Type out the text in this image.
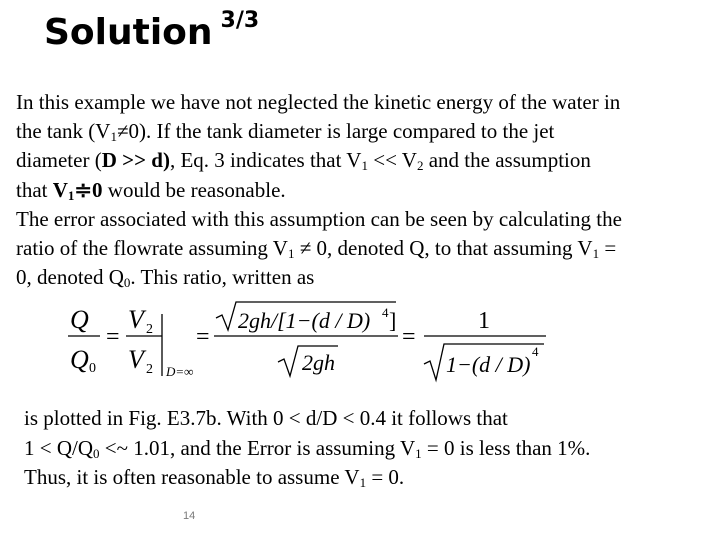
Solution $^{3/3}$
In this example we have not neglected the kinetic energy of the water in
the tank $(V_1\ne 0)$. If the tank diameter is large compared to the jet
diameter (D >> d), Eq. 3 indicates that $V_1 << V_2$ and the assumption
that $V_1≑0$ would be reasonable.
The error associated with this assumption can be seen by calculating the
ratio of the flowrate assuming $V_1 \ne 0$, denoted Q, to that assuming $V_1$ =
0, denoted $Q_0$. This ratio, written as
Q
Q 0
=
V 2
V 2 D=∞
=
2gh/[1−(d / D) 4 ]
2gh
=
1
1−(d / D)
4
is plotted in Fig. E3.7b. With 0 < d/D < 0.4 it follows that
$1 < Q/Q_0$ <~ 1.01, and the Error is assuming $V_1 = 0$ is less than 1%.
Thus, it is often reasonable to assume $V_1 = 0$.
14
